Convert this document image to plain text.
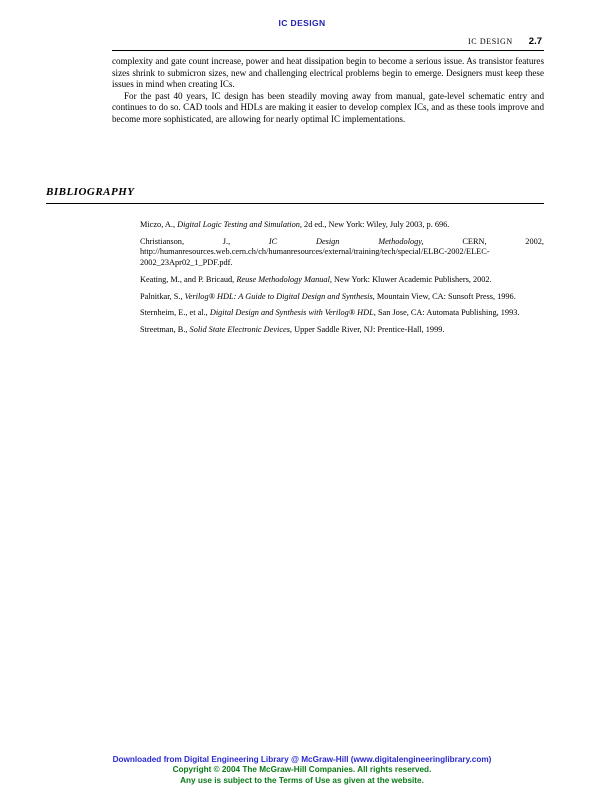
IC DESIGN
IC DESIGN 2.7

complexity and gate count increase, power and heat dissipation begin to become a serious issue. As transistor features sizes shrink to submicron sizes, new and challenging electrical problems begin to emerge. Designers must keep these issues in mind when creating ICs.

For the past 40 years, IC design has been steadily moving away from manual, gate-level schematic entry and continues to do so. CAD tools and HDLs are making it easier to develop complex ICs, and as these tools improve and become more sophisticated, are allowing for nearly optimal IC implementations.

BIBLIOGRAPHY
Miczo, A., Digital Logic Testing and Simulation, 2d ed., New York: Wiley, July 2003, p. 696.
Christianson, J.,	IC Design Methodology,	CERN, 2002, http://humanresources.web.cern.ch/ch/humanresources/external/training/tech/special/ELBC-2002/ELEC-2002_23Apr02_1_PDF.pdf.
Keating, M., and P. Bricaud, Reuse Methodology Manual, New York: Kluwer Academic Publishers, 2002.
Palnitkar, S., Verilog® HDL: A Guide to Digital Design and Synthesis, Mountain View, CA: Sunsoft Press, 1996.
Sternheim, E., et al., Digital Design and Synthesis with Verilog® HDL, San Jose, CA: Automata Publishing, 1993.
Streetman, B., Solid State Electronic Devices, Upper Saddle River, NJ: Prentice-Hall, 1999.
Downloaded from Digital Engineering Library @ McGraw-Hill (www.digitalengineeringlibrary.com)
Copyright © 2004 The McGraw-Hill Companies. All rights reserved.
Any use is subject to the Terms of Use as given at the website.
